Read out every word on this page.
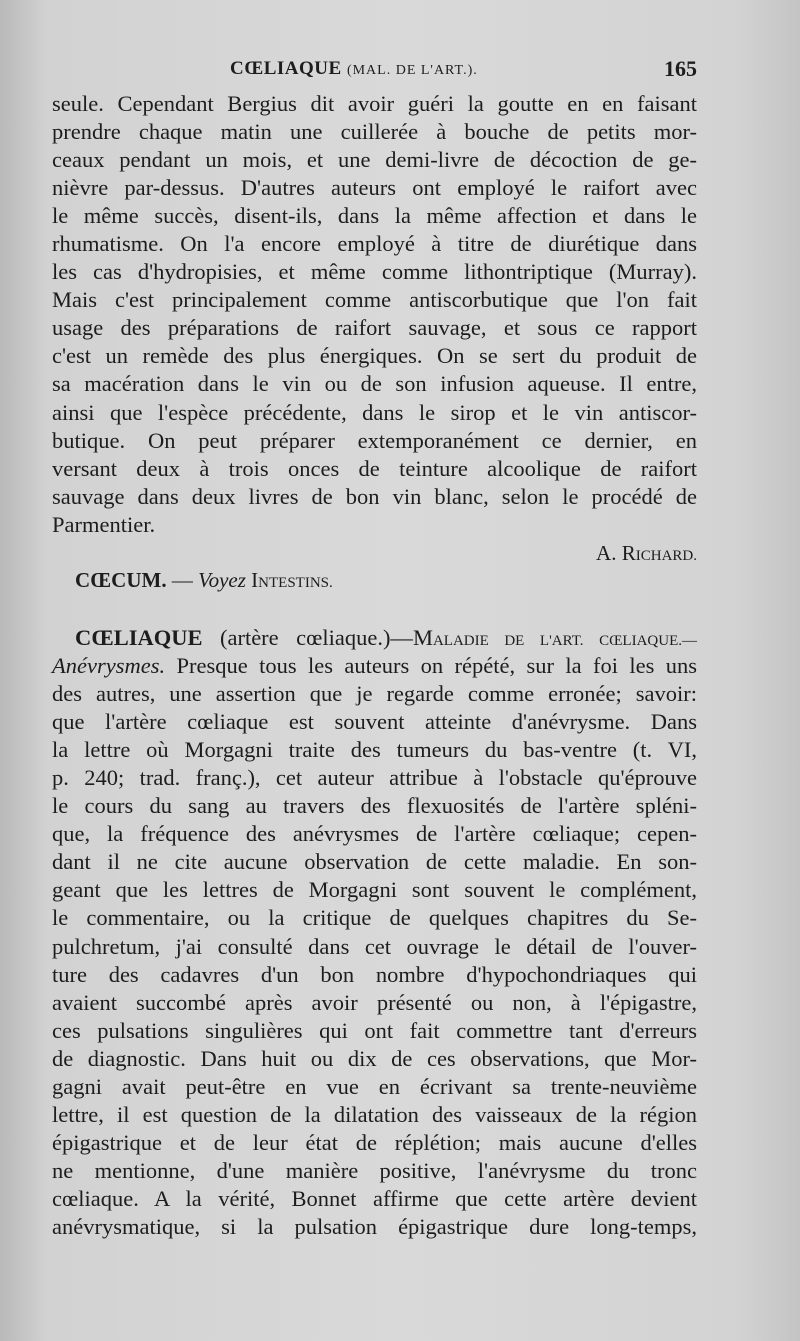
CŒLIAQUE (MAL. DE L'ART.).	165
seule. Cependant Bergius dit avoir guéri la goutte en en faisant
prendre chaque matin une cuillerée à bouche de petits mor-
ceaux pendant un mois, et une demi-livre de décoction de ge-
nièvre par-dessus. D'autres auteurs ont employé le raifort avec
le même succès, disent-ils, dans la même affection et dans le
rhumatisme. On l'a encore employé à titre de diurétique dans
les cas d'hydropisies, et même comme lithontriptique (Murray).
Mais c'est principalement comme antiscorbutique que l'on fait
usage des préparations de raifort sauvage, et sous ce rapport
c'est un remède des plus énergiques. On se sert du produit de
sa macération dans le vin ou de son infusion aqueuse. Il entre,
ainsi que l'espèce précédente, dans le sirop et le vin antiscor-
butique. On peut préparer extemporanément ce dernier, en
versant deux à trois onces de teinture alcoolique de raifort
sauvage dans deux livres de bon vin blanc, selon le procédé de
Parmentier.
A. RICHARD.
CŒCUM. — Voyez INTESTINS.
CŒLIAQUE (artère cœliaque.)—MALADIE DE L'ART. CŒLIAQUE.—
Anévrysmes. Presque tous les auteurs on répété, sur la foi les uns
des autres, une assertion que je regarde comme erronée; savoir:
que l'artère cœliaque est souvent atteinte d'anévrysme. Dans
la lettre où Morgagni traite des tumeurs du bas-ventre (t. VI,
p. 240; trad. franç.), cet auteur attribue à l'obstacle qu'éprouve
le cours du sang au travers des flexuosités de l'artère spléni-
que, la fréquence des anévrysmes de l'artère cœliaque; cepen-
dant il ne cite aucune observation de cette maladie. En son-
geant que les lettres de Morgagni sont souvent le complément,
le commentaire, ou la critique de quelques chapitres du Se-
pulchretum, j'ai consulté dans cet ouvrage le détail de l'ouver-
ture des cadavres d'un bon nombre d'hypochondriaques qui
avaient succombé après avoir présenté ou non, à l'épigastre,
ces pulsations singulières qui ont fait commettre tant d'erreurs
de diagnostic. Dans huit ou dix de ces observations, que Mor-
gagni avait peut-être en vue en écrivant sa trente-neuvième
lettre, il est question de la dilatation des vaisseaux de la région
épigastrique et de leur état de réplétion; mais aucune d'elles
ne mentionne, d'une manière positive, l'anévrysme du tronc
cœliaque. A la vérité, Bonnet affirme que cette artère devient
anévrysmatique, si la pulsation épigastrique dure long-temps,
